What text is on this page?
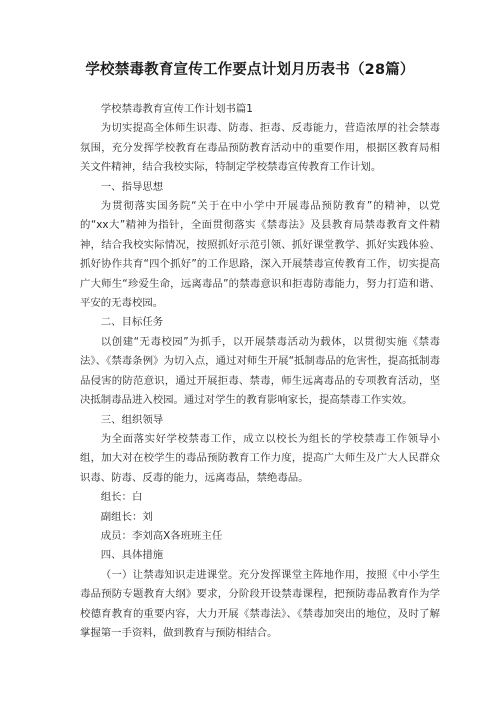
学校禁毒教育宣传工作要点计划月历表书（28篇）

学校禁毒教育宣传工作计划书篇1

为切实提高全体师生识毒、防毒、拒毒、反毒能力，营造浓厚的社会禁毒氛围，充分发挥学校教育在毒品预防教育活动中的重要作用，根据区教育局相关文件精神，结合我校实际，特制定学校禁毒宣传教育工作计划。

一、指导思想

为贯彻落实国务院“关于在中小学中开展毒品预防教育”的精神，以党的“xx大”精神为指针，全面贯彻落实《禁毒法》及县教育局禁毒教育文件精神，结合我校实际情况，按照抓好示范引领、抓好课堂教学、抓好实践体验、抓好协作共育“四个抓好”的工作思路，深入开展禁毒宣传教育工作，切实提高广大师生“珍爱生命，远离毒品”的禁毒意识和拒毒防毒能力，努力打造和谐、平安的无毒校园。

二、目标任务

以创建“无毒校园”为抓手，以开展禁毒活动为载体，以贯彻实施《禁毒法》、《禁毒条例》为切入点，通过对师生开展“抵制毒品的危害性，提高抵制毒品侵害的防范意识，通过开展拒毒、禁毒，师生远离毒品的专项教育活动，坚决抵制毒品进入校园。通过对学生的教育影响家长，提高禁毒工作实效。

三、组织领导

为全面落实好学校禁毒工作，成立以校长为组长的学校禁毒工作领导小组，加大对在校学生的毒品预防教育工作力度，提高广大师生及广大人民群众识毒、防毒、反毒的能力，远离毒品，禁绝毒品。

组长：白

副组长：刘

成员：李刘高X各班班主任

四、具体措施

（一）让禁毒知识走进课堂。充分发挥课堂主阵地作用，按照《中小学生毒品预防专题教育大纲》要求，分阶段开设禁毒课程，把预防毒品教育作为学校德育教育的重要内容，大力开展《禁毒法》、《禁毒加突出的地位，及时了解掌握第一手资料，做到教育与预防相结合。
